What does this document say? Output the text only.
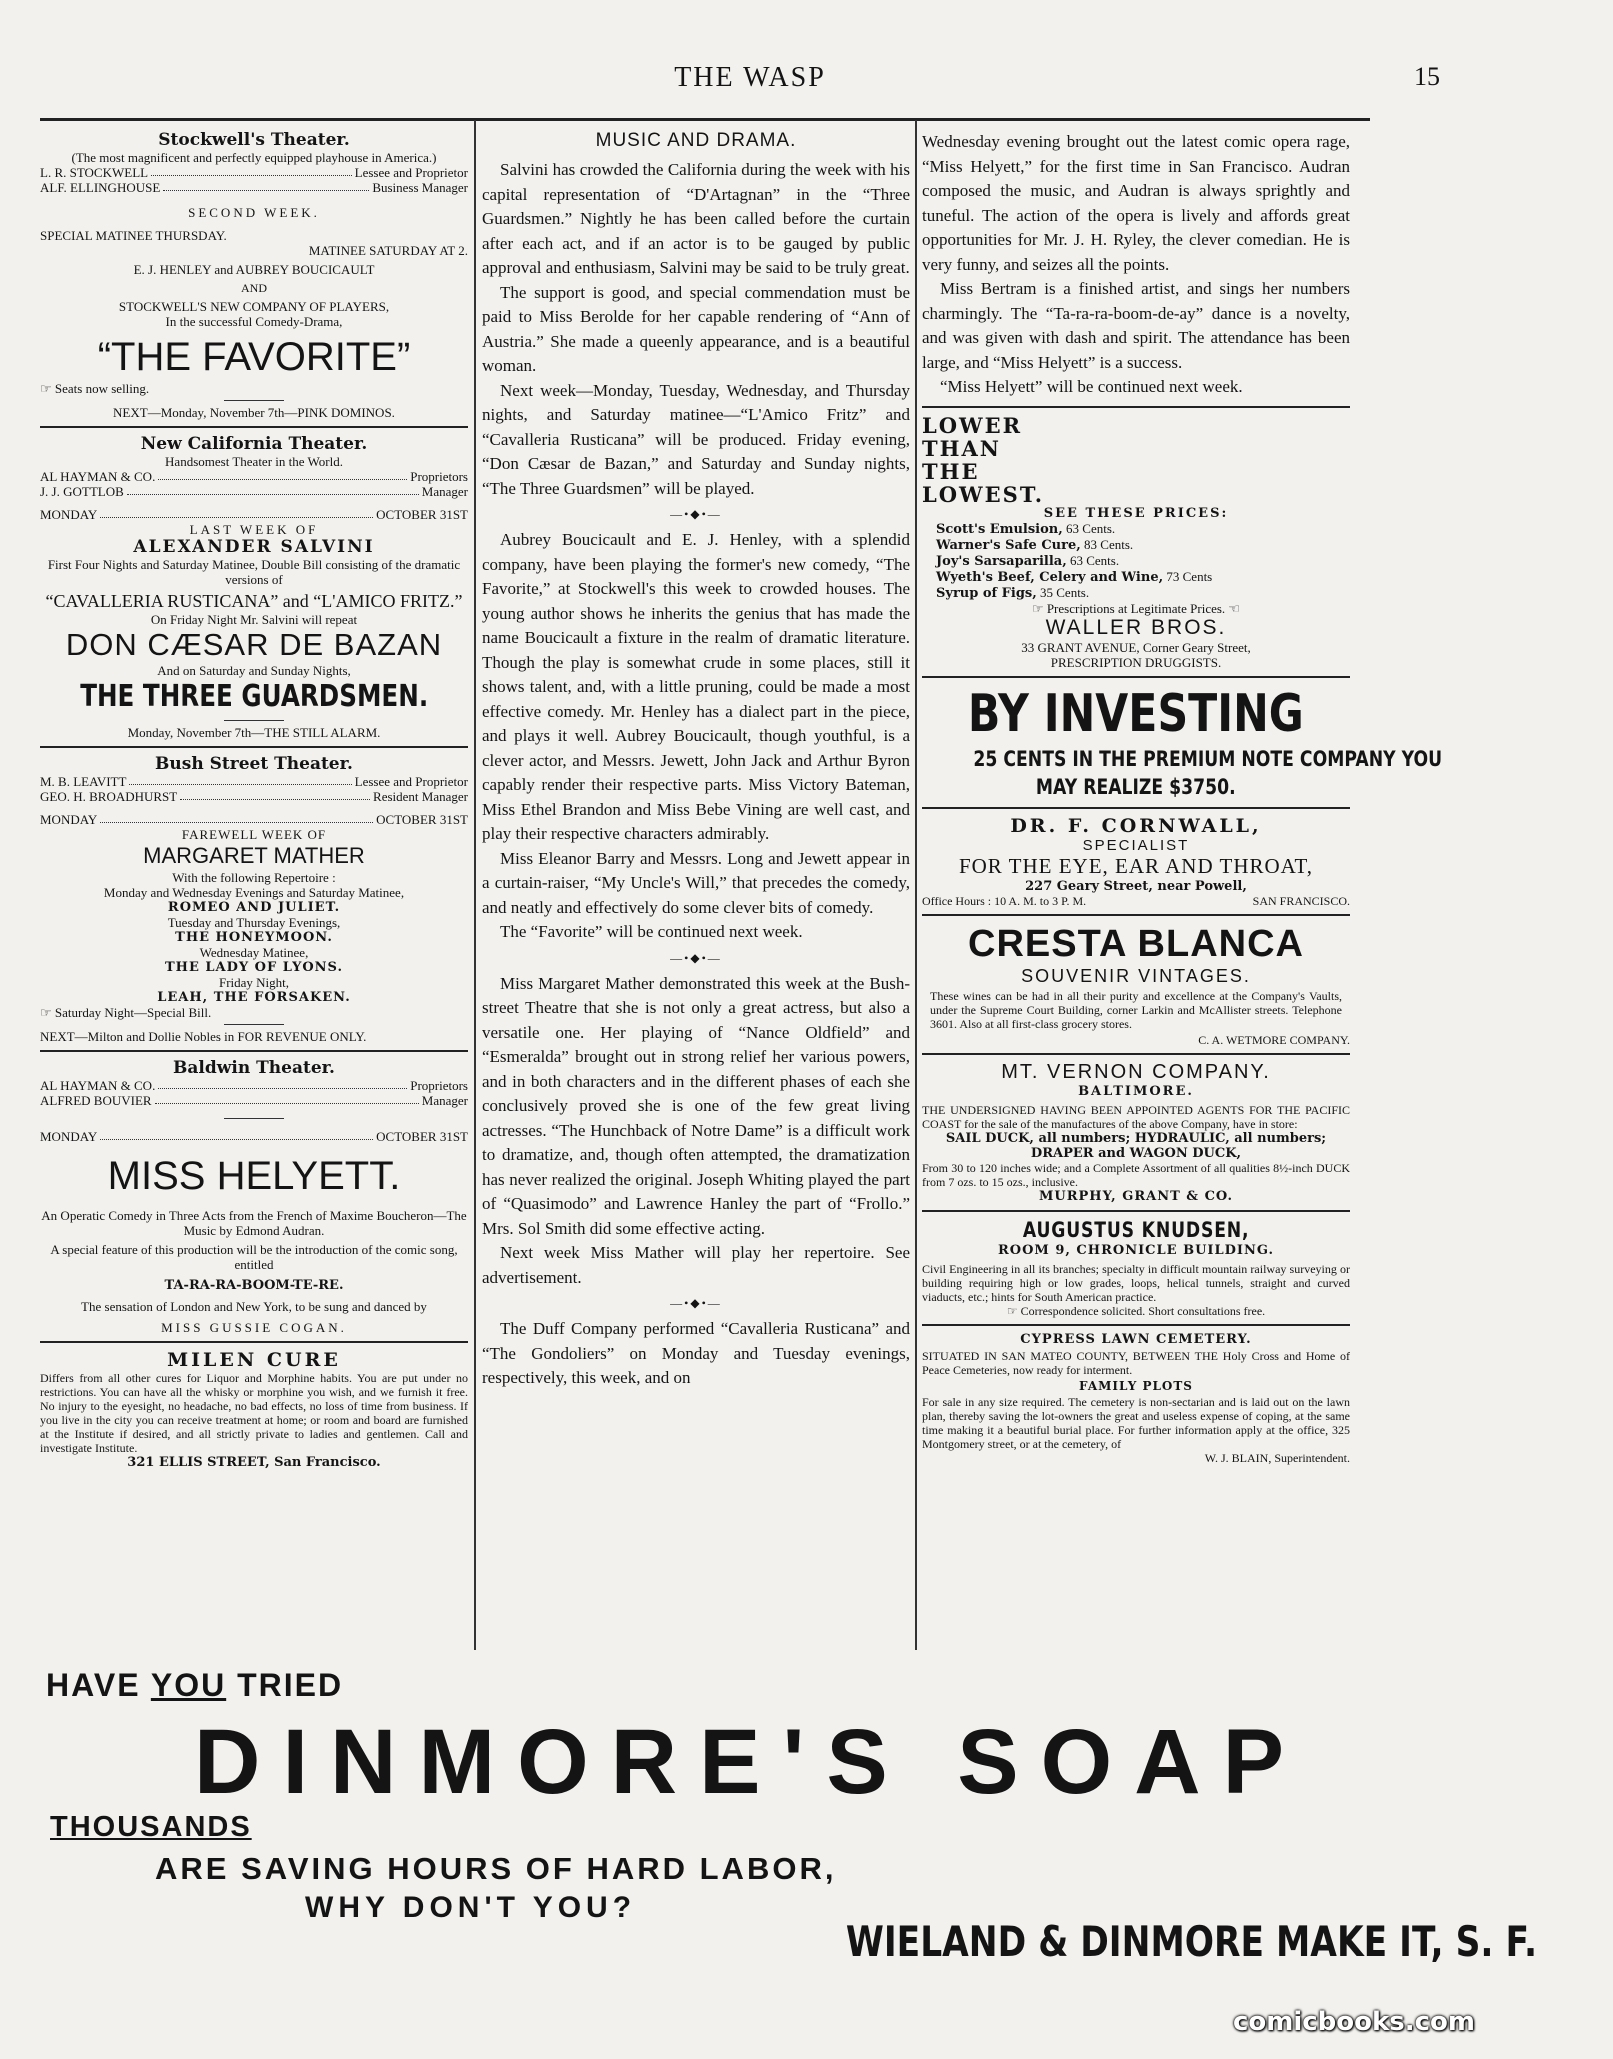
THE WASP	15
Stockwell's Theater.
(The most magnificent and perfectly equipped playhouse in America.)
L. R. STOCKWELL	Lessee and Proprietor
ALF. ELLINGHOUSE	Business Manager
SECOND WEEK.
SPECIAL MATINEE THURSDAY.
MATINEE SATURDAY AT 2.
E. J. HENLEY and AUBREY BOUCICAULT
AND
STOCKWELL'S NEW COMPANY OF PLAYERS,
In the successful Comedy-Drama,
“THE FAVORITE”
☞ Seats now selling.
NEXT—Monday, November 7th—PINK DOMINOS.
New California Theater.
Handsomest Theater in the World.
AL HAYMAN & CO.	Proprietors
J. J. GOTTLOB	Manager
MONDAY	OCTOBER 31ST
LAST WEEK OF
ALEXANDER SALVINI
First Four Nights and Saturday Matinee, Double Bill consisting of the dramatic versions of
“CAVALLERIA RUSTICANA” and “L'AMICO FRITZ.”
On Friday Night Mr. Salvini will repeat
DON CÆSAR DE BAZAN
And on Saturday and Sunday Nights,
THE THREE GUARDSMEN.
Monday, November 7th—THE STILL ALARM.
Bush Street Theater.
M. B. LEAVITT	Lessee and Proprietor
GEO. H. BROADHURST	Resident Manager
MONDAY	OCTOBER 31ST
FAREWELL WEEK OF
MARGARET MATHER
With the following Repertoire :
Monday and Wednesday Evenings and Saturday Matinee,
ROMEO AND JULIET.
Tuesday and Thursday Evenings,
THE HONEYMOON.
Wednesday Matinee,
THE LADY OF LYONS.
Friday Night,
LEAH, THE FORSAKEN.
☞ Saturday Night—Special Bill.
NEXT—Milton and Dollie Nobles in FOR REVENUE ONLY.
Baldwin Theater.
AL HAYMAN & CO.	Proprietors
ALFRED BOUVIER	Manager
MONDAY	OCTOBER 31ST
MISS HELYETT.
An Operatic Comedy in Three Acts from the French of Maxime Boucheron—The Music by Edmond Audran.
A special feature of this production will be the introduction of the comic song, entitled
TA-RA-RA-BOOM-TE-RE.
The sensation of London and New York, to be sung and danced by
MISS GUSSIE COGAN.
MILEN CURE
Differs from all other cures for Liquor and Morphine habits. You are put under no restrictions. You can have all the whisky or morphine you wish, and we furnish it free. No injury to the eyesight, no headache, no bad effects, no loss of time from business. If you live in the city you can receive treatment at home; or room and board are furnished at the Institute if desired, and all strictly private to ladies and gentlemen. Call and investigate Institute.
321 ELLIS STREET, San Francisco.
MUSIC AND DRAMA.

Salvini has crowded the California during the week with his capital representation of “D'Artagnan” in the “Three Guardsmen.” Nightly he has been called before the curtain after each act, and if an actor is to be gauged by public approval and enthusiasm, Salvini may be said to be truly great.

The support is good, and special commendation must be paid to Miss Berolde for her capable rendering of “Ann of Austria.” She made a queenly appearance, and is a beautiful woman.

Next week—Monday, Tuesday, Wednesday, and Thursday nights, and Saturday matinee—“L'Amico Fritz” and “Cavalleria Rusticana” will be produced. Friday evening, “Don Cæsar de Bazan,” and Saturday and Sunday nights, “The Three Guardsmen” will be played.

—•◆•—

Aubrey Boucicault and E. J. Henley, with a splendid company, have been playing the former's new comedy, “The Favorite,” at Stockwell's this week to crowded houses. The young author shows he inherits the genius that has made the name Boucicault a fixture in the realm of dramatic literature. Though the play is somewhat crude in some places, still it shows talent, and, with a little pruning, could be made a most effective comedy. Mr. Henley has a dialect part in the piece, and plays it well. Aubrey Boucicault, though youthful, is a clever actor, and Messrs. Jewett, John Jack and Arthur Byron capably render their respective parts. Miss Victory Bateman, Miss Ethel Brandon and Miss Bebe Vining are well cast, and play their respective characters admirably.

Miss Eleanor Barry and Messrs. Long and Jewett appear in a curtain-raiser, “My Uncle's Will,” that precedes the comedy, and neatly and effectively do some clever bits of comedy.

The “Favorite” will be continued next week.

—•◆•—

Miss Margaret Mather demonstrated this week at the Bush-street Theatre that she is not only a great actress, but also a versatile one. Her playing of “Nance Oldfield” and “Esmeralda” brought out in strong relief her various powers, and in both characters and in the different phases of each she conclusively proved she is one of the few great living actresses. “The Hunchback of Notre Dame” is a difficult work to dramatize, and, though often attempted, the dramatization has never realized the original. Joseph Whiting played the part of “Quasimodo” and Lawrence Hanley the part of “Frollo.” Mrs. Sol Smith did some effective acting.

Next week Miss Mather will play her repertoire. See advertisement.

—•◆•—

The Duff Company performed “Cavalleria Rusticana” and “The Gondoliers” on Monday and Tuesday evenings, respectively, this week, and on

Wednesday evening brought out the latest comic opera rage, “Miss Helyett,” for the first time in San Francisco. Audran composed the music, and Audran is always sprightly and tuneful. The action of the opera is lively and affords great opportunities for Mr. J. H. Ryley, the clever comedian. He is very funny, and seizes all the points.

Miss Bertram is a finished artist, and sings her numbers charmingly. The “Ta-ra-ra-boom-de-ay” dance is a novelty, and was given with dash and spirit. The attendance has been large, and “Miss Helyett” is a success.

“Miss Helyett” will be continued next week.

LOWER
THAN
THE
LOWEST.
SEE THESE PRICES:
Scott's Emulsion, 63 Cents.
Warner's Safe Cure, 83 Cents.
Joy's Sarsaparilla, 63 Cents.
Wyeth's Beef, Celery and Wine, 73 Cents
Syrup of Figs, 35 Cents.
☞ Prescriptions at Legitimate Prices. ☜
WALLER BROS.
33 GRANT AVENUE, Corner Geary Street,
PRESCRIPTION DRUGGISTS.
BY INVESTING
25 CENTS IN THE PREMIUM NOTE COMPANY YOU
MAY REALIZE $3750.
DR. F. CORNWALL,
SPECIALIST
FOR THE EYE, EAR AND THROAT,
227 Geary Street, near Powell,
Office Hours : 10 A. M. to 3 P. M.	SAN FRANCISCO.
CRESTA BLANCA
SOUVENIR VINTAGES.
These wines can be had in all their purity and excellence at the Company's Vaults, under the Supreme Court Building, corner Larkin and McAllister streets. Telephone 3601. Also at all first-class grocery stores.
C. A. WETMORE COMPANY.
MT. VERNON COMPANY.
BALTIMORE.
THE UNDERSIGNED HAVING BEEN APPOINTED AGENTS FOR THE PACIFIC COAST for the sale of the manufactures of the above Company, have in store:
SAIL DUCK, all numbers; HYDRAULIC, all numbers; DRAPER and WAGON DUCK,
From 30 to 120 inches wide; and a Complete Assortment of all qualities 8½-inch DUCK from 7 ozs. to 15 ozs., inclusive.
MURPHY, GRANT & CO.
AUGUSTUS KNUDSEN,
ROOM 9, CHRONICLE BUILDING.
Civil Engineering in all its branches; specialty in difficult mountain railway surveying or building requiring high or low grades, loops, helical tunnels, straight and curved viaducts, etc.; hints for South American practice.
☞ Correspondence solicited. Short consultations free.
CYPRESS LAWN CEMETERY.
SITUATED IN SAN MATEO COUNTY, BETWEEN THE Holy Cross and Home of Peace Cemeteries, now ready for interment.
FAMILY PLOTS
For sale in any size required. The cemetery is non-sectarian and is laid out on the lawn plan, thereby saving the lot-owners the great and useless expense of coping, at the same time making it a beautiful burial place. For further information apply at the office, 325 Montgomery street, or at the cemetery, of
W. J. BLAIN, Superintendent.
HAVE YOU TRIED
DINMORE'S SOAP
THOUSANDS
ARE SAVING HOURS OF HARD LABOR,
WHY DON'T YOU?
WIELAND & DINMORE MAKE IT, S. F.
comicbooks.com
